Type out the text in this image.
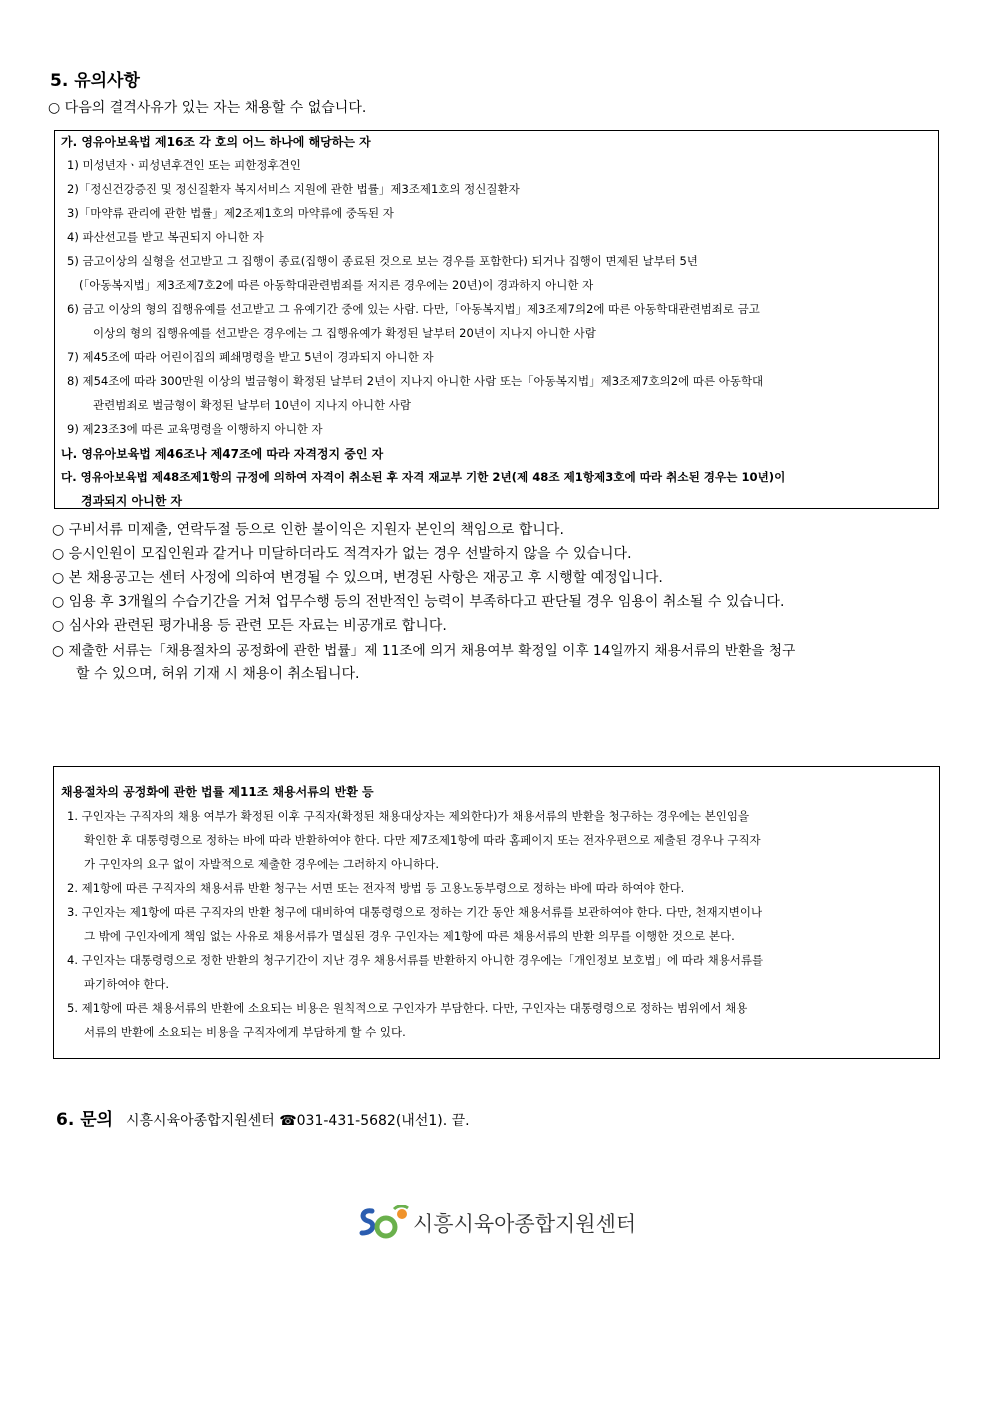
5. 유의사항
○ 다음의 결격사유가 있는 자는 채용할 수 없습니다.
가. 영유아보육법 제16조 각 호의 어느 하나에 해당하는 자
1) 미성년자ㆍ피성년후견인 또는 피한정후견인
2)「정신건강증진 및 정신질환자 복지서비스 지원에 관한 법률」제3조제1호의 정신질환자
3)「마약류 관리에 관한 법률」제2조제1호의 마약류에 중독된 자
4) 파산선고를 받고 복권되지 아니한 자
5) 금고이상의 실형을 선고받고 그 집행이 종료(집행이 종료된 것으로 보는 경우를 포함한다) 되거나 집행이 면제된 날부터 5년
(「아동복지법」제3조제7호2에 따른 아동학대관련범죄를 저지른 경우에는 20년)이 경과하지 아니한 자
6) 금고 이상의 형의 집행유예를 선고받고 그 유예기간 중에 있는 사람. 다만,「아동복지법」제3조제7의2에 따른 아동학대관련범죄로 금고
이상의 형의 집행유예를 선고받은 경우에는 그 집행유예가 확정된 날부터 20년이 지나지 아니한 사람
7) 제45조에 따라 어린이집의 폐쇄명령을 받고 5년이 경과되지 아니한 자
8) 제54조에 따라 300만원 이상의 벌금형이 확정된 날부터 2년이 지나지 아니한 사람 또는「아동복지법」제3조제7호의2에 따른 아동학대
관련범죄로 벌금형이 확정된 날부터 10년이 지나지 아니한 사람
9) 제23조3에 따른 교육명령을 이행하지 아니한 자
나. 영유아보육법 제46조나 제47조에 따라 자격정지 중인 자
다. 영유아보육법 제48조제1항의 규정에 의하여 자격이 취소된 후 자격 재교부 기한 2년(제 48조 제1항제3호에 따라 취소된 경우는 10년)이
경과되지 아니한 자
○ 구비서류 미제출, 연락두절 등으로 인한 불이익은 지원자 본인의 책임으로 합니다.
○ 응시인원이 모집인원과 같거나 미달하더라도 적격자가 없는 경우 선발하지 않을 수 있습니다.
○ 본 채용공고는 센터 사정에 의하여 변경될 수 있으며, 변경된 사항은 재공고 후 시행할 예정입니다.
○ 임용 후 3개월의 수습기간을 거쳐 업무수행 등의 전반적인 능력이 부족하다고 판단될 경우 임용이 취소될 수 있습니다.
○ 심사와 관련된 평가내용 등 관련 모든 자료는 비공개로 합니다.
○ 제출한 서류는「채용절차의 공정화에 관한 법률」제 11조에 의거 채용여부 확정일 이후 14일까지 채용서류의 반환을 청구
할 수 있으며, 허위 기재 시 채용이 취소됩니다.
채용절차의 공정화에 관한 법률 제11조 채용서류의 반환 등
1. 구인자는 구직자의 채용 여부가 확정된 이후 구직자(확정된 채용대상자는 제외한다)가 채용서류의 반환을 청구하는 경우에는 본인임을
확인한 후 대통령령으로 정하는 바에 따라 반환하여야 한다. 다만 제7조제1항에 따라 홈페이지 또는 전자우편으로 제출된 경우나 구직자
가 구인자의 요구 없이 자발적으로 제출한 경우에는 그러하지 아니하다.
2. 제1항에 따른 구직자의 채용서류 반환 청구는 서면 또는 전자적 방법 등 고용노동부령으로 정하는 바에 따라 하여야 한다.
3. 구인자는 제1항에 따른 구직자의 반환 청구에 대비하여 대통령령으로 정하는 기간 동안 채용서류를 보관하여야 한다. 다만, 천재지변이나
그 밖에 구인자에게 책임 없는 사유로 채용서류가 멸실된 경우 구인자는 제1항에 따른 채용서류의 반환 의무를 이행한 것으로 본다.
4. 구인자는 대통령령으로 정한 반환의 청구기간이 지난 경우 채용서류를 반환하지 아니한 경우에는「개인정보 보호법」에 따라 채용서류를
파기하여야 한다.
5. 제1항에 따른 채용서류의 반환에 소요되는 비용은 원칙적으로 구인자가 부담한다. 다만, 구인자는 대통령령으로 정하는 범위에서 채용
서류의 반환에 소요되는 비용을 구직자에게 부담하게 할 수 있다.
6. 문의 시흥시육아종합지원센터 ☎031-431-5682(내선1). 끝.
시흥시육아종합지원센터
